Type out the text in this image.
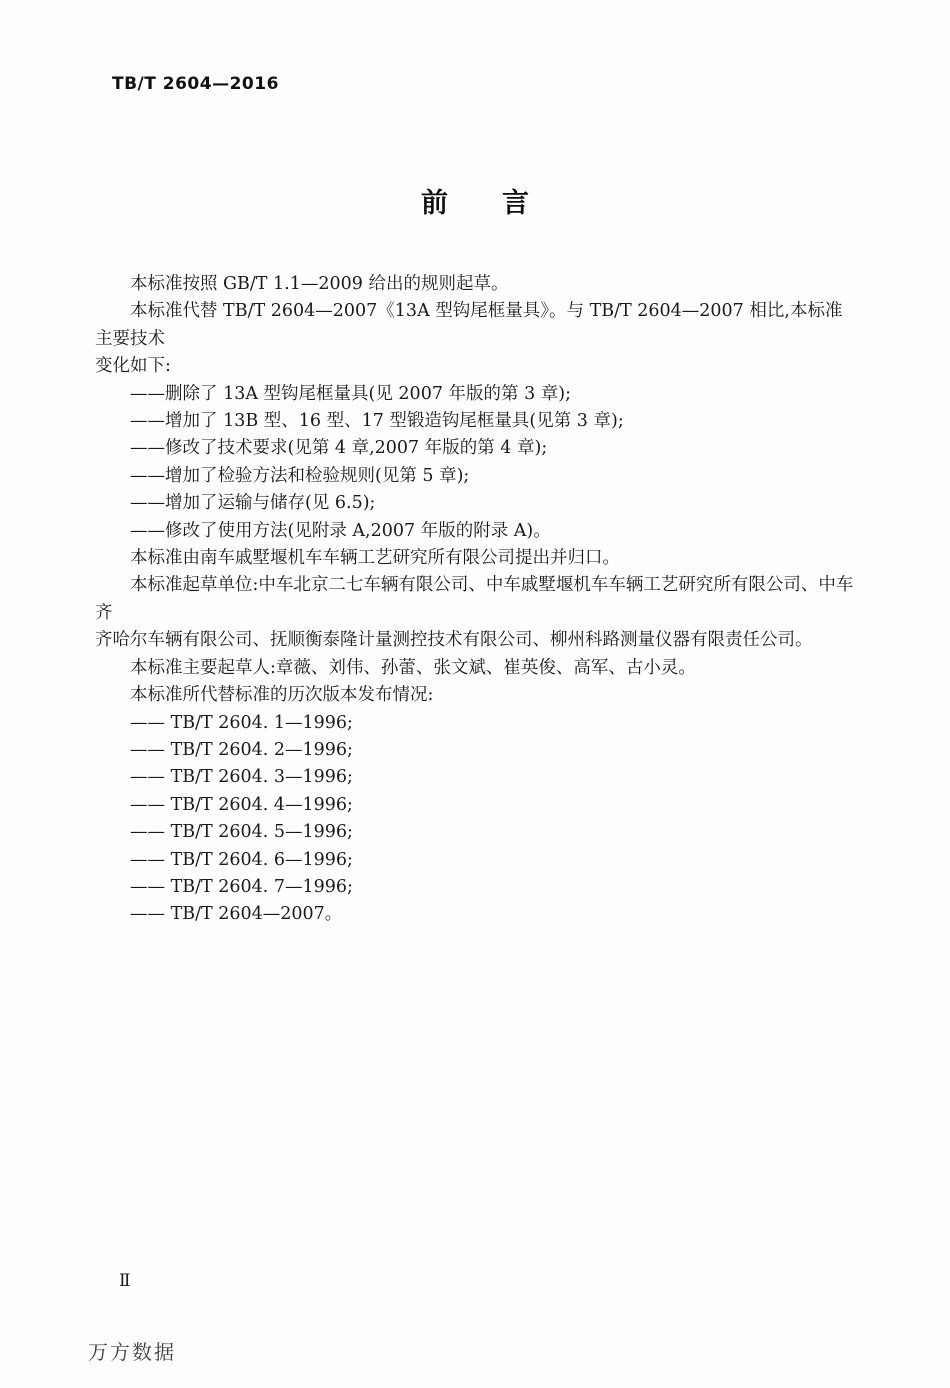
TB/T 2604—2016
前　　言
本标准按照 GB/T 1.1—2009 给出的规则起草。
本标准代替 TB/T 2604—2007《13A 型钩尾框量具》。与 TB/T 2604—2007 相比,本标准主要技术
变化如下:
——删除了 13A 型钩尾框量具(见 2007 年版的第 3 章);
——增加了 13B 型、16 型、17 型锻造钩尾框量具(见第 3 章);
——修改了技术要求(见第 4 章,2007 年版的第 4 章);
——增加了检验方法和检验规则(见第 5 章);
——增加了运输与储存(见 6.5);
——修改了使用方法(见附录 A,2007 年版的附录 A)。
本标准由南车戚墅堰机车车辆工艺研究所有限公司提出并归口。
本标准起草单位:中车北京二七车辆有限公司、中车戚墅堰机车车辆工艺研究所有限公司、中车齐
齐哈尔车辆有限公司、抚顺衡泰隆计量测控技术有限公司、柳州科路测量仪器有限责任公司。
本标准主要起草人:章薇、刘伟、孙蕾、张文斌、崔英俊、高军、古小灵。
本标准所代替标准的历次版本发布情况:
—— TB/T 2604. 1—1996;
—— TB/T 2604. 2—1996;
—— TB/T 2604. 3—1996;
—— TB/T 2604. 4—1996;
—— TB/T 2604. 5—1996;
—— TB/T 2604. 6—1996;
—— TB/T 2604. 7—1996;
—— TB/T 2604—2007。
Ⅱ
万方数据
